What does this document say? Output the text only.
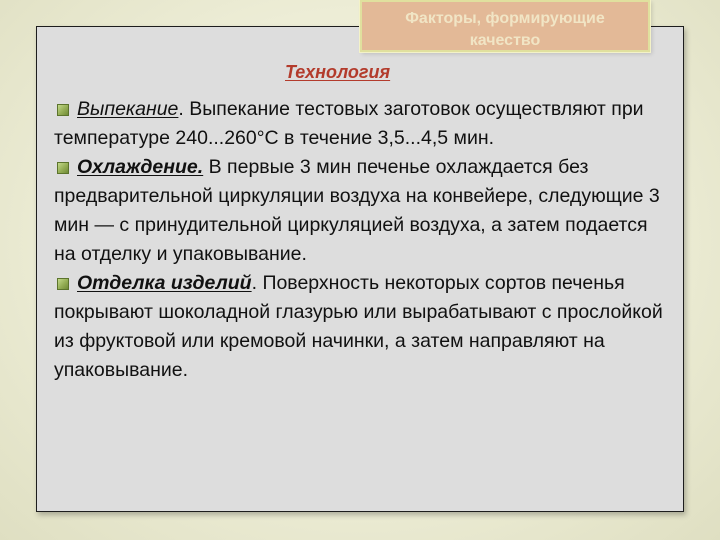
Факторы, формирующие качество
Технология

Выпекание. Выпекание тестовых заготовок осуществляют при температуре 240...260°С в течение 3,5...4,5 мин.

Охлаждение. В первые 3 мин печенье охлаждается без предварительной циркуляции воздуха на конвейере, следующие 3 мин — с принудительной циркуляцией воздуха, а затем подается на отделку и упаковывание.

Отделка изделий. Поверхность некоторых сортов печенья покрывают шоколадной глазурью или вырабатывают с прослойкой из фруктовой или кремовой начинки, а затем направляют на упаковывание.
